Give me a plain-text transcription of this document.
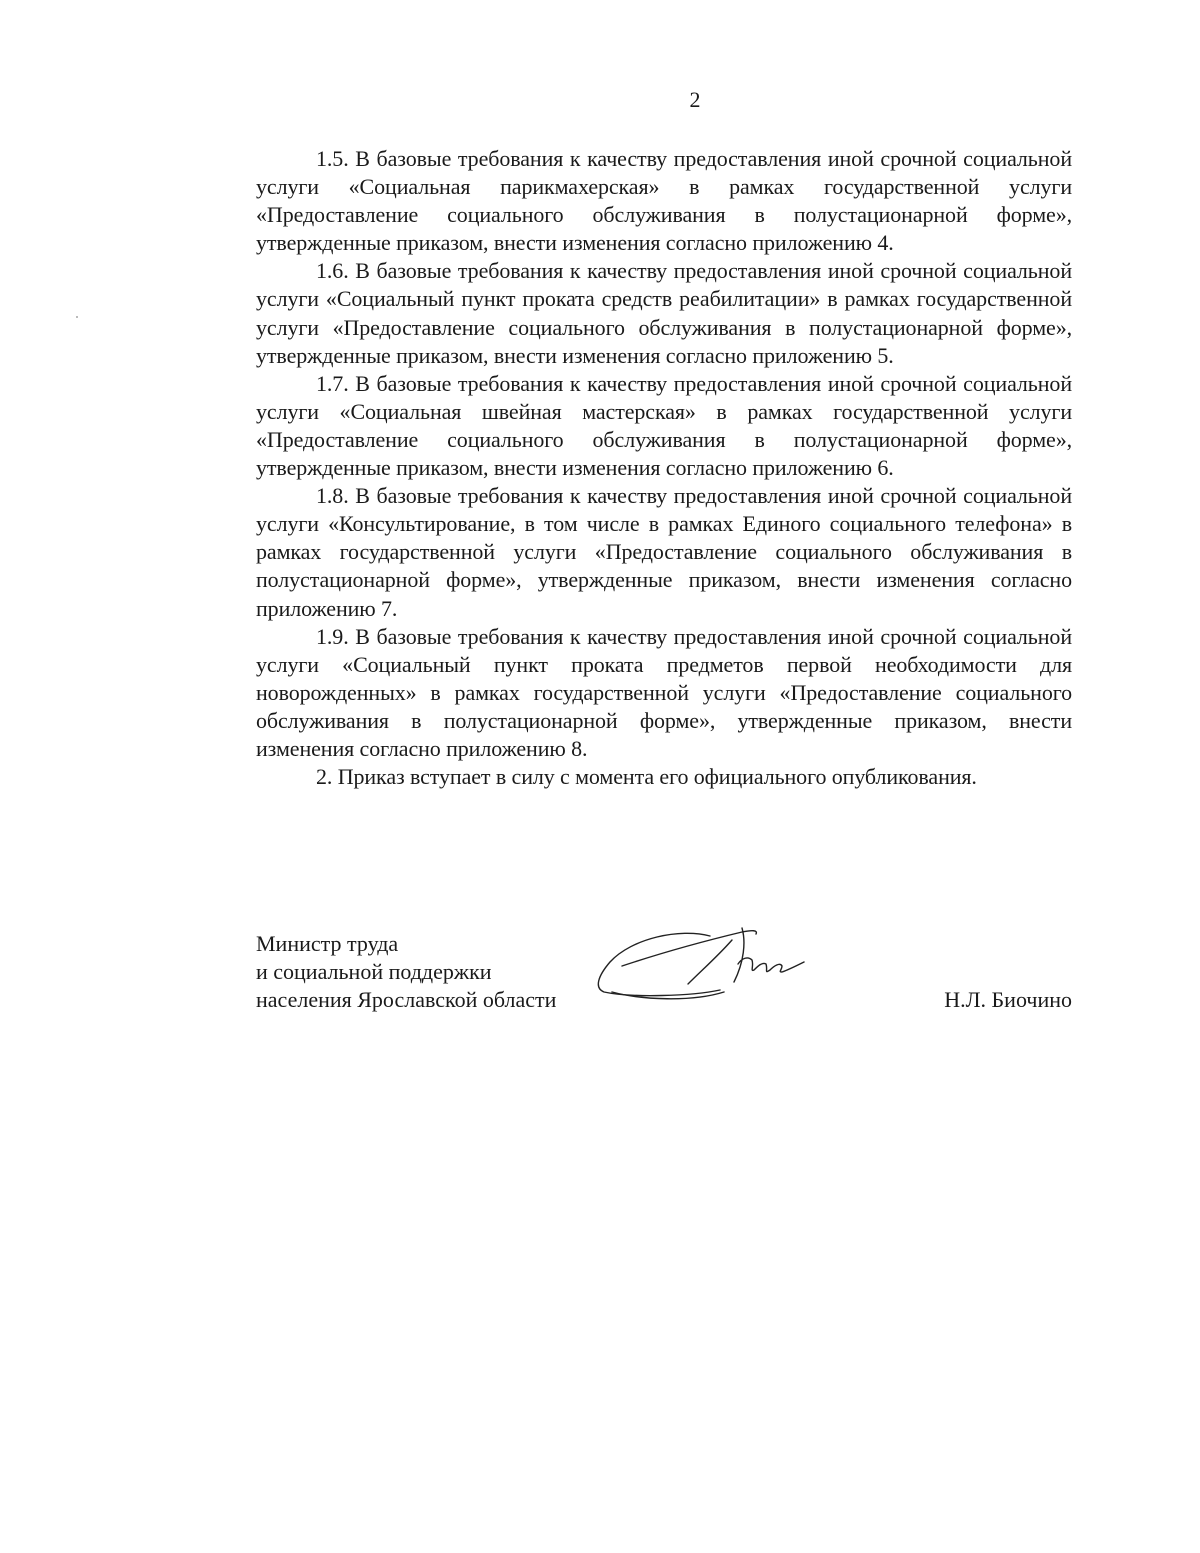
2

1.5. В базовые требования к качеству предоставления иной срочной социальной услуги «Социальная парикмахерская» в рамках государственной услуги «Предоставление социального обслуживания в полустационарной форме», утвержденные приказом, внести изменения согласно приложению 4.

1.6. В базовые требования к качеству предоставления иной срочной социальной услуги «Социальный пункт проката средств реабилитации» в рамках государственной услуги «Предоставление социального обслуживания в полустационарной форме», утвержденные приказом, внести изменения согласно приложению 5.

1.7. В базовые требования к качеству предоставления иной срочной социальной услуги «Социальная швейная мастерская» в рамках государственной услуги «Предоставление социального обслуживания в полустационарной форме», утвержденные приказом, внести изменения согласно приложению 6.

1.8. В базовые требования к качеству предоставления иной срочной социальной услуги «Консультирование, в том числе в рамках Единого социального телефона» в рамках государственной услуги «Предоставление социального обслуживания в полустационарной форме», утвержденные приказом, внести изменения согласно приложению 7.

1.9. В базовые требования к качеству предоставления иной срочной социальной услуги «Социальный пункт проката предметов первой необходимости для новорожденных» в рамках государственной услуги «Предоставление социального обслуживания в полустационарной форме», утвержденные приказом, внести изменения согласно приложению 8.

2. Приказ вступает в силу с момента его официального опубликования.

Министр труда
и социальной поддержки
населения Ярославской области	Н.Л. Биочино
